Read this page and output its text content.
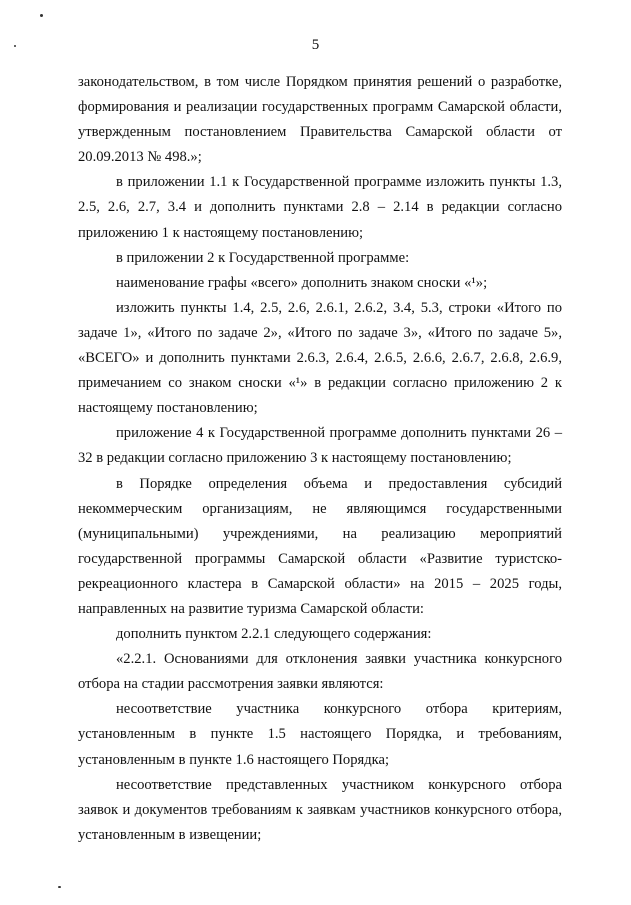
5

законодательством, в том числе Порядком принятия решений о разработке, формирования и реализации государственных программ Самарской области, утвержденным постановлением Правительства Самарской области от 20.09.2013 № 498.»;

в приложении 1.1 к Государственной программе изложить пункты 1.3, 2.5, 2.6, 2.7, 3.4 и дополнить пунктами 2.8 – 2.14 в редакции согласно приложению 1 к настоящему постановлению;

в приложении 2 к Государственной программе:

наименование графы «всего» дополнить знаком сноски «¹»;

изложить пункты 1.4, 2.5, 2.6, 2.6.1, 2.6.2, 3.4, 5.3, строки «Итого по задаче 1», «Итого по задаче 2», «Итого по задаче 3», «Итого по задаче 5», «ВСЕГО» и дополнить пунктами 2.6.3, 2.6.4, 2.6.5, 2.6.6, 2.6.7, 2.6.8, 2.6.9, примечанием со знаком сноски «¹» в редакции согласно приложению 2 к настоящему постановлению;

приложение 4 к Государственной программе дополнить пунктами 26 – 32 в редакции согласно приложению 3 к настоящему постановлению;

в Порядке определения объема и предоставления субсидий некоммерческим организациям, не являющимся государственными (муниципальными) учреждениями, на реализацию мероприятий государственной программы Самарской области «Развитие туристско-рекреационного кластера в Самарской области» на 2015 – 2025 годы, направленных на развитие туризма Самарской области:

дополнить пунктом 2.2.1 следующего содержания:

«2.2.1. Основаниями для отклонения заявки участника конкурсного отбора на стадии рассмотрения заявки являются:

несоответствие участника конкурсного отбора критериям, установленным в пункте 1.5 настоящего Порядка, и требованиям, установленным в пункте 1.6 настоящего Порядка;

несоответствие представленных участником конкурсного отбора заявок и документов требованиям к заявкам участников конкурсного отбора, установленным в извещении;
